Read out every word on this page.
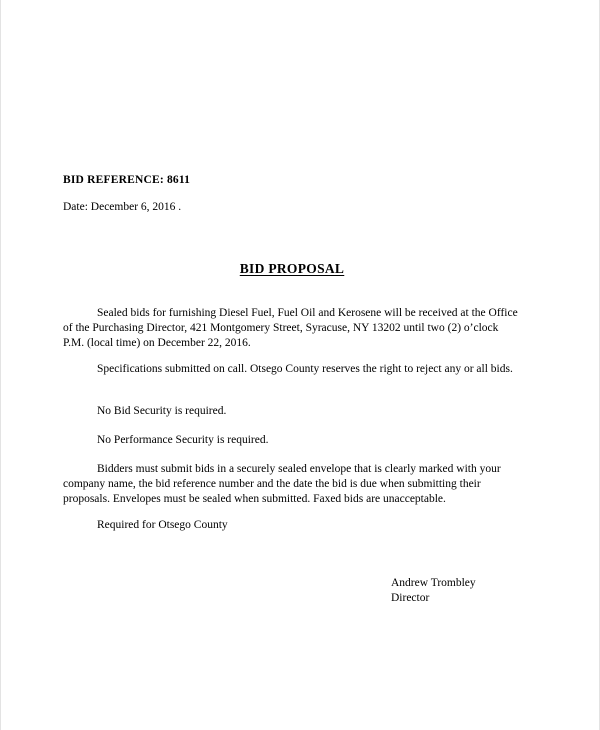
BID REFERENCE: 8611
Date: December 6, 2016 .
BID PROPOSAL

Sealed bids for furnishing Diesel Fuel, Fuel Oil and Kerosene will be received at the Office of the Purchasing Director, 421 Montgomery Street, Syracuse, NY 13202 until two (2) o’clock P.M. (local time) on December 22, 2016.

Specifications submitted on call. Otsego County reserves the right to reject any or all bids.

No Bid Security is required.

No Performance Security is required.

Bidders must submit bids in a securely sealed envelope that is clearly marked with your company name, the bid reference number and the date the bid is due when submitting their proposals. Envelopes must be sealed when submitted. Faxed bids are unacceptable.

Required for Otsego County

Andrew Trombley
Director
